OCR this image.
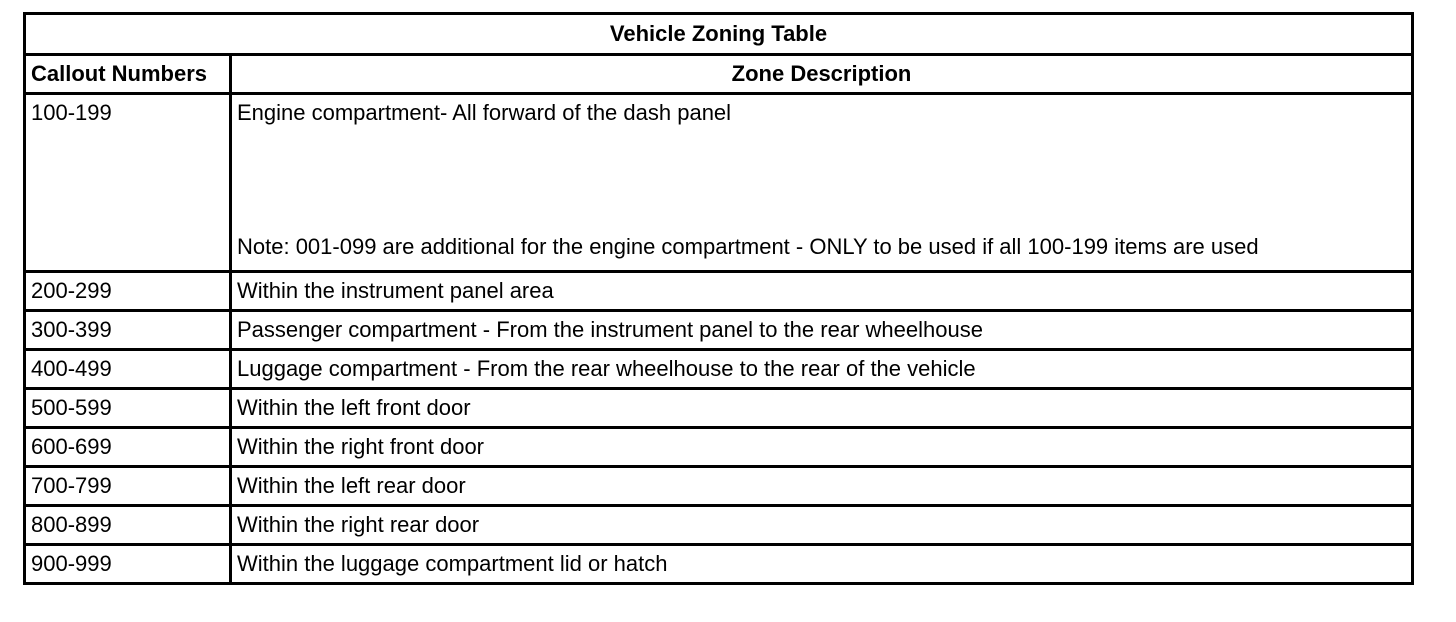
Vehicle Zoning Table	
Callout Numbers	Zone Description
100-199	Engine compartment- All forward of the dash panel
Note: 001-099 are additional for the engine compartment - ONLY to be used if all 100-199 items are used

200-299	Within the instrument panel area
300-399	Passenger compartment - From the instrument panel to the rear wheelhouse
400-499	Luggage compartment - From the rear wheelhouse to the rear of the vehicle
500-599	Within the left front door
600-699	Within the right front door
700-799	Within the left rear door
800-899	Within the right rear door
900-999	Within the luggage compartment lid or hatch
